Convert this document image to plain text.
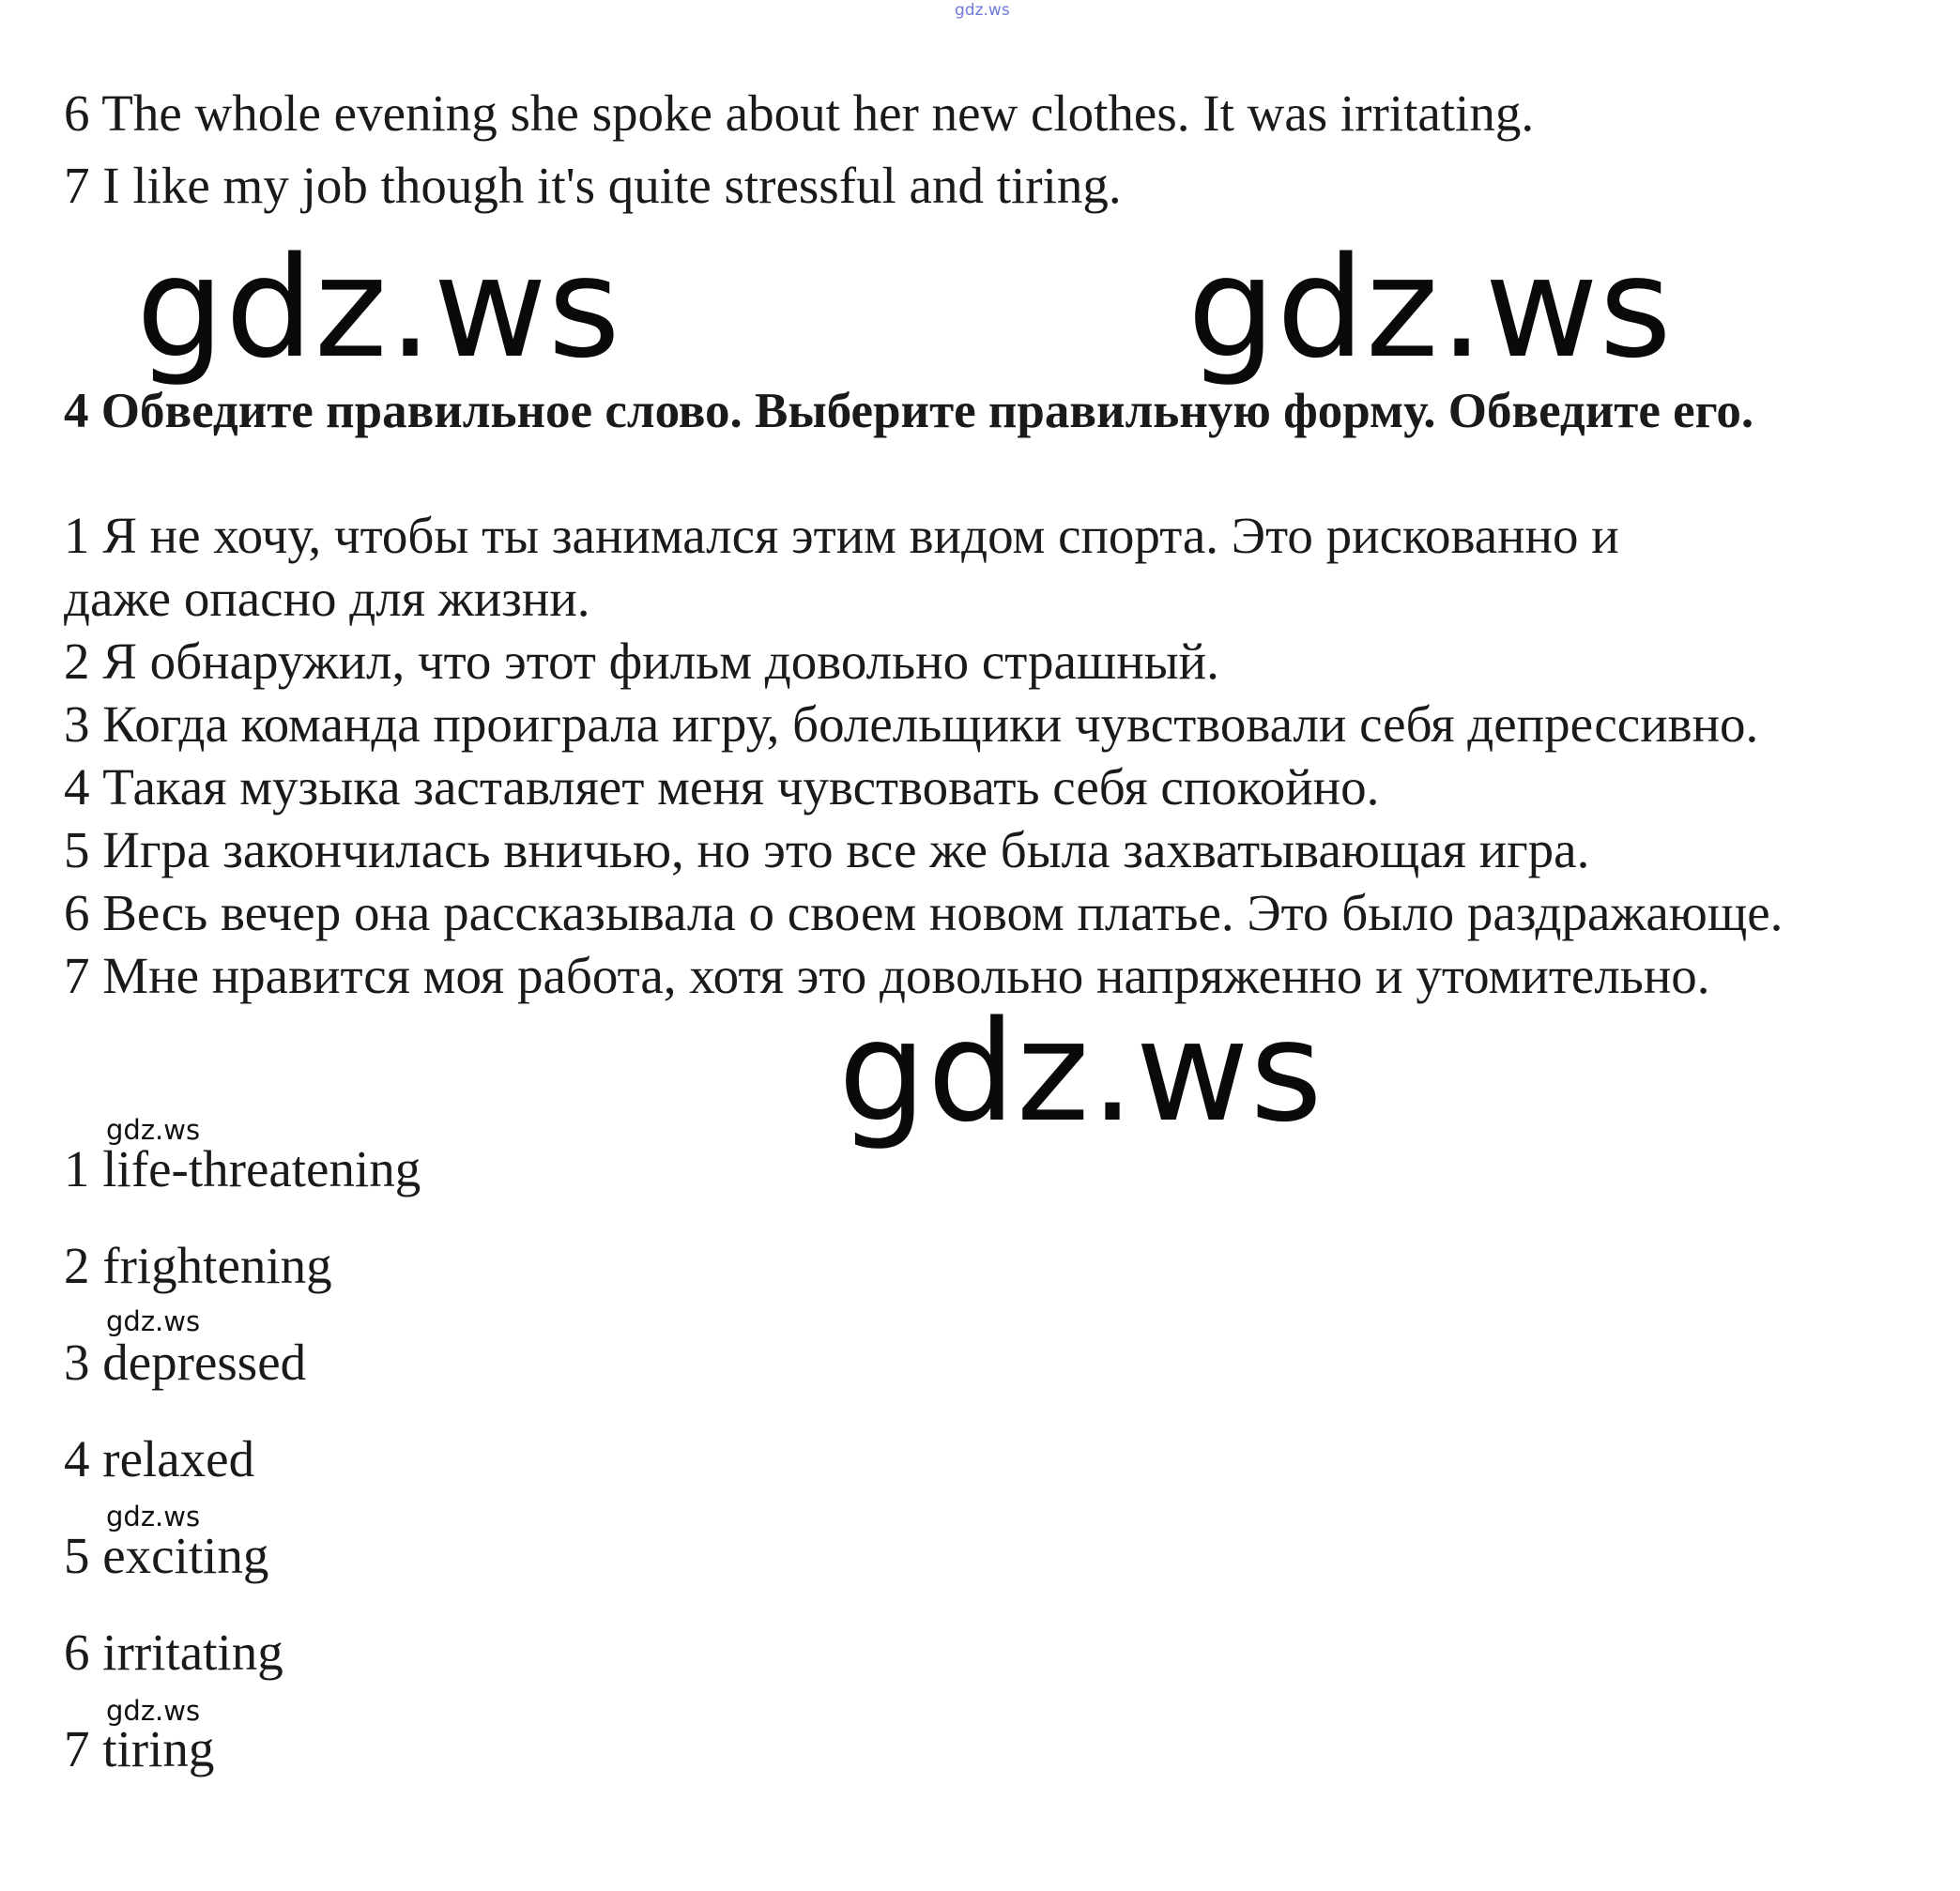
gdz.ws
6 The whole evening she spoke about her new clothes. It was irritating.
7 I like my job though it's quite stressful and tiring.
gdz.ws	gdz.ws
4 Обведите правильное слово. Выберите правильную форму. Обведите его.
1 Я не хочу, чтобы ты занимался этим видом спорта. Это рискованно и
даже опасно для жизни.
2 Я обнаружил, что этот фильм довольно страшный.
3 Когда команда проиграла игру, болельщики чувствовали себя депрессивно.
4 Такая музыка заставляет меня чувствовать себя спокойно.
5 Игра закончилась вничью, но это все же была захватывающая игра.
6 Весь вечер она рассказывала о своем новом платье. Это было раздражающе.
7 Мне нравится моя работа, хотя это довольно напряженно и утомительно.
gdz.ws
gdz.ws
gdz.ws
gdz.ws
gdz.ws
1 life-threatening
2 frightening
3 depressed
4 relaxed
5 exciting
6 irritating
7 tiring
